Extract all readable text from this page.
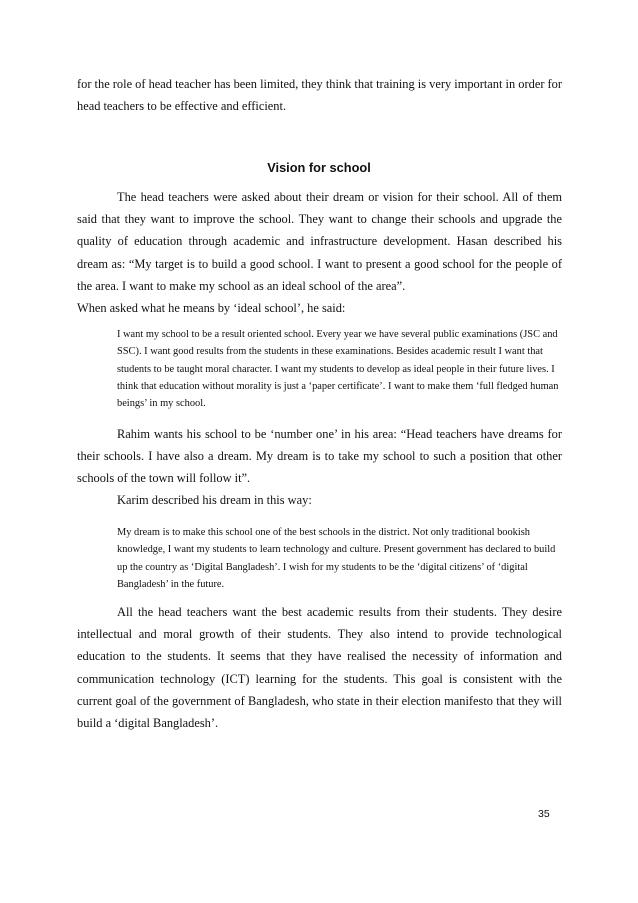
for the role of head teacher has been limited, they think that training is very important in order for head teachers to be effective and efficient.

Vision for school

The head teachers were asked about their dream or vision for their school. All of them said that they want to improve the school. They want to change their schools and upgrade the quality of education through academic and infrastructure development. Hasan described his dream as: “My target is to build a good school. I want to present a good school for the people of the area. I want to make my school as an ideal school of the area”.

When asked what he means by ‘ideal school’, he said:

I want my school to be a result oriented school. Every year we have several public examinations (JSC and SSC). I want good results from the students in these examinations. Besides academic result I want that students to be taught moral character. I want my students to develop as ideal people in their future lives. I think that education without morality is just a ‘paper certificate’. I want to make them ‘full fledged human beings’ in my school.

Rahim wants his school to be ‘number one’ in his area: “Head teachers have dreams for their schools. I have also a dream. My dream is to take my school to such a position that other schools of the town will follow it”.

Karim described his dream in this way:

My dream is to make this school one of the best schools in the district. Not only traditional bookish knowledge, I want my students to learn technology and culture. Present government has declared to build up the country as ‘Digital Bangladesh’. I wish for my students to be the ‘digital citizens’ of ‘digital Bangladesh’ in the future.

All the head teachers want the best academic results from their students. They desire intellectual and moral growth of their students. They also intend to provide technological education to the students. It seems that they have realised the necessity of information and communication technology (ICT) learning for the students. This goal is consistent with the current goal of the government of Bangladesh, who state in their election manifesto that they will build a ‘digital Bangladesh’.

35
